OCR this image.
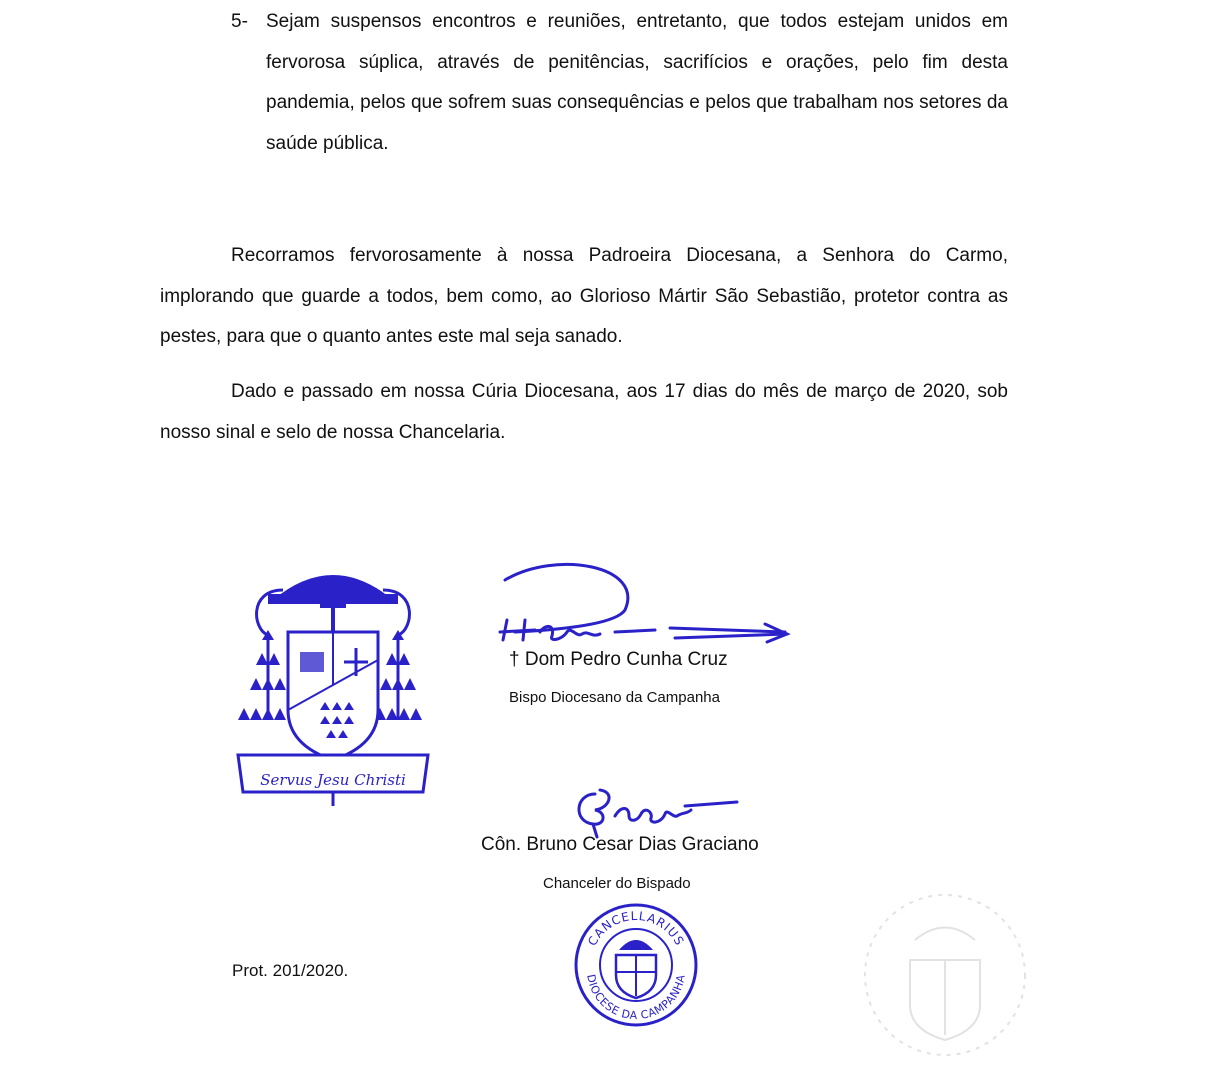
5- Sejam suspensos encontros e reuniões, entretanto, que todos estejam unidos em fervorosa súplica, através de penitências, sacrifícios e orações, pelo fim desta pandemia, pelos que sofrem suas consequências e pelos que trabalham nos setores da saúde pública.

Recorramos fervorosamente à nossa Padroeira Diocesana, a Senhora do Carmo, implorando que guarde a todos, bem como, ao Glorioso Mártir São Sebastião, protetor contra as pestes, para que o quanto antes este mal seja sanado.

Dado e passado em nossa Cúria Diocesana, aos 17 dias do mês de março de 2020, sob nosso sinal e selo de nossa Chancelaria.

Servus Jesu Christi
† Dom Pedro Cunha Cruz
Bispo Diocesano da Campanha
Côn. Bruno Cesar Dias Graciano
Chanceler do Bispado
CANCELLARIUS
DIOCESE DA CAMPANHA
Prot. 201/2020.
